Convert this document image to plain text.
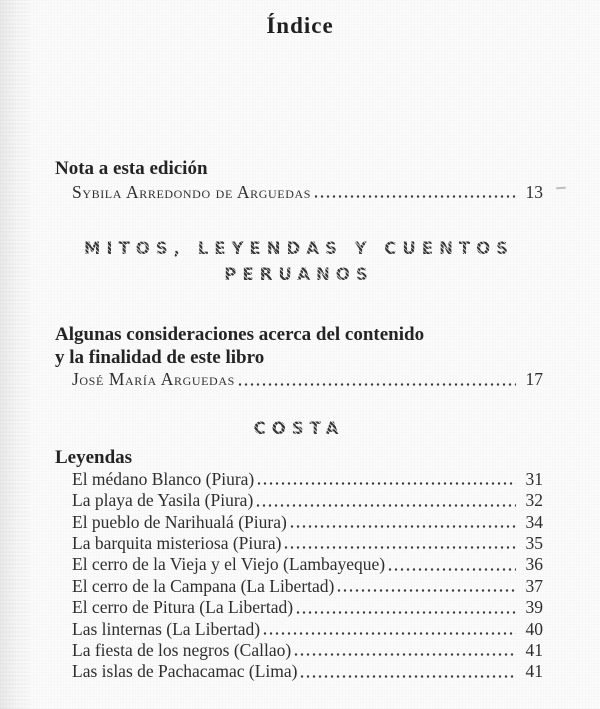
Índice
Nota a esta edición
Sybila Arredondo de Arguedas	13
MITOS, LEYENDAS Y CUENTOS
PERUANOS
Algunas consideraciones acerca del contenido
y la finalidad de este libro
José María Arguedas	17
COSTA
Leyendas
El médano Blanco (Piura)	31
La playa de Yasila (Piura)	32
El pueblo de Narihualá (Piura)	34
La barquita misteriosa (Piura)	35
El cerro de la Vieja y el Viejo (Lambayeque)	36
El cerro de la Campana (La Libertad)	37
El cerro de Pitura (La Libertad)	39
Las linternas (La Libertad)	40
La fiesta de los negros (Callao)	41
Las islas de Pachacamac (Lima)	41
